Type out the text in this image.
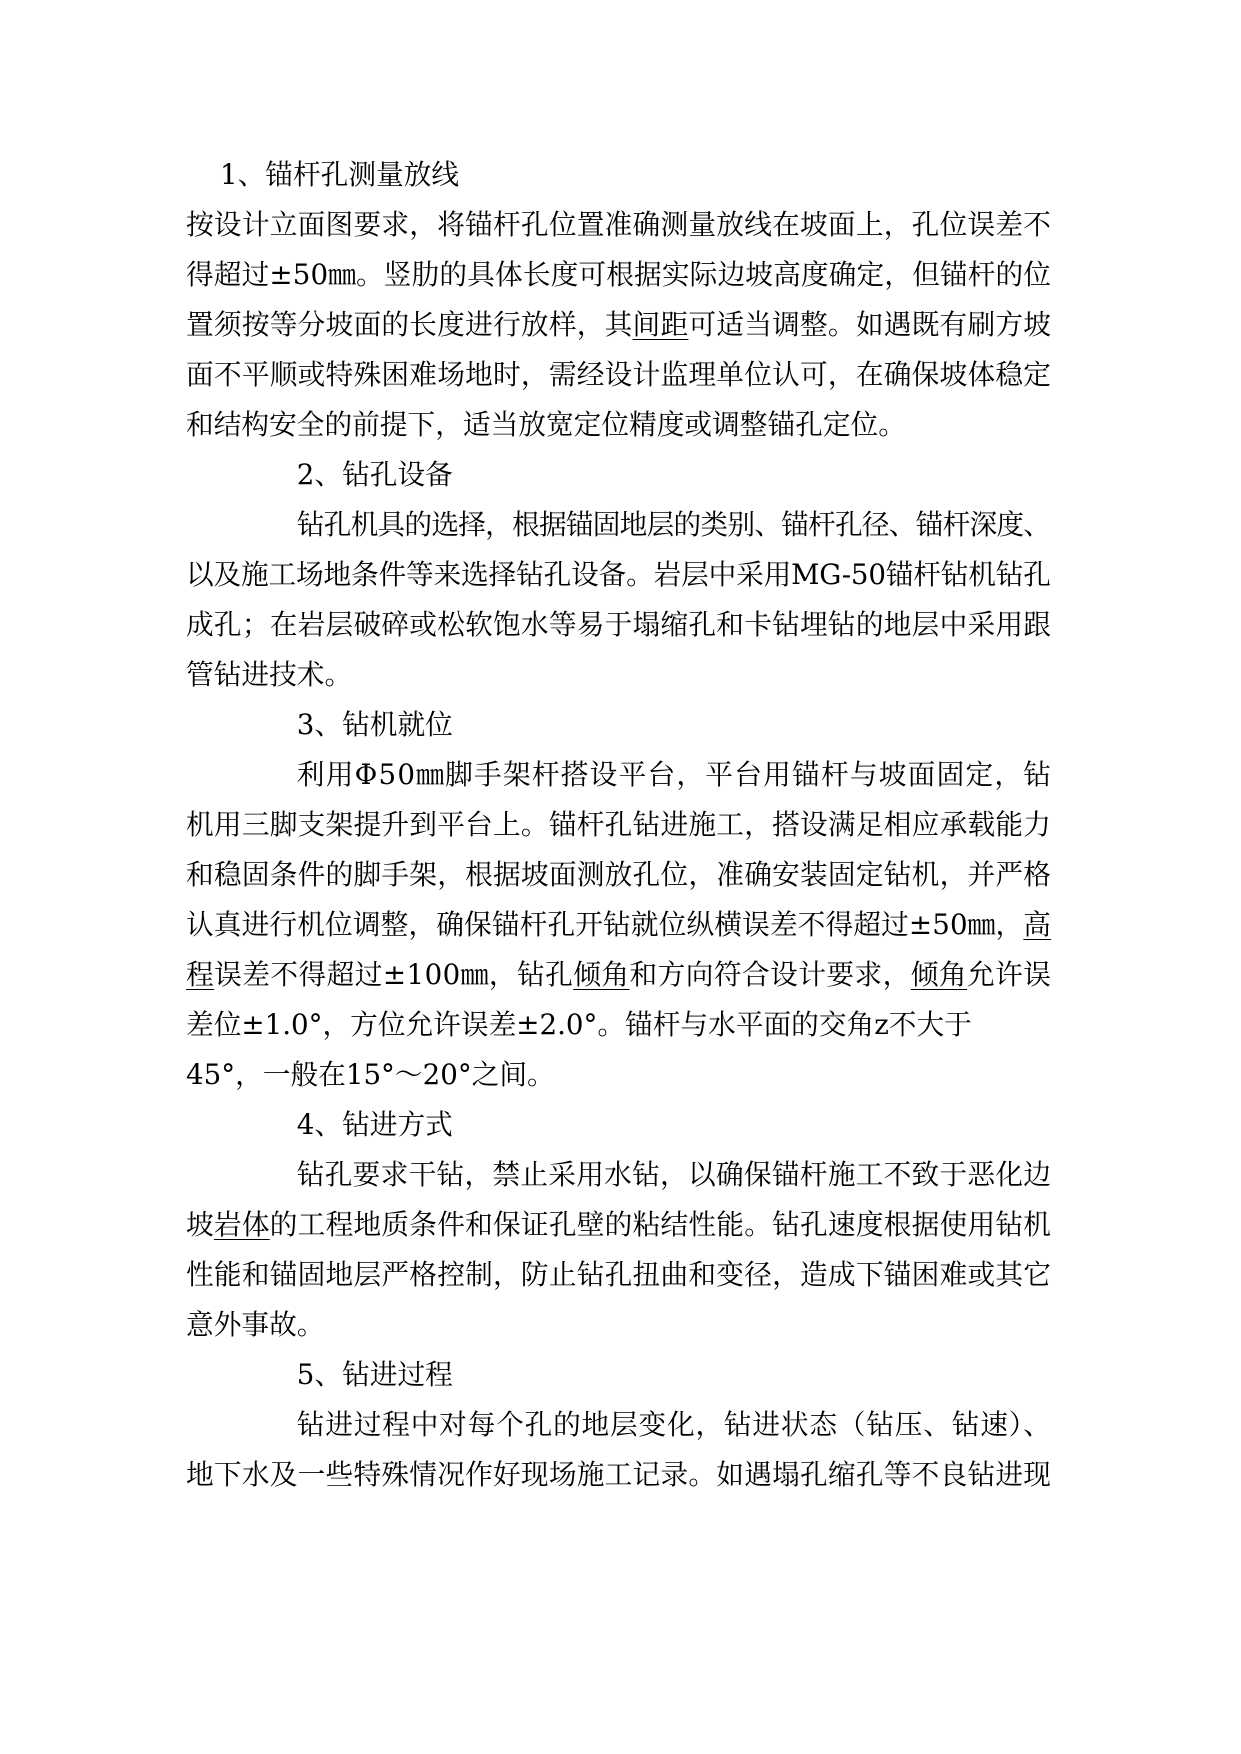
1、锚杆孔测量放线
按设计立面图要求，将锚杆孔位置准确测量放线在坡面上，孔位误差不
得超过±50㎜。竖肋的具体长度可根据实际边坡高度确定，但锚杆的位
置须按等分坡面的长度进行放样，其间距可适当调整。如遇既有刷方坡
面不平顺或特殊困难场地时，需经设计监理单位认可，在确保坡体稳定
和结构安全的前提下，适当放宽定位精度或调整锚孔定位。
2、钻孔设备
钻孔机具的选择，根据锚固地层的类别、锚杆孔径、锚杆深度、
以及施工场地条件等来选择钻孔设备。岩层中采用MG-50锚杆钻机钻孔
成孔；在岩层破碎或松软饱水等易于塌缩孔和卡钻埋钻的地层中采用跟
管钻进技术。
3、钻机就位
利用Φ50㎜脚手架杆搭设平台，平台用锚杆与坡面固定，钻
机用三脚支架提升到平台上。锚杆孔钻进施工，搭设满足相应承载能力
和稳固条件的脚手架，根据坡面测放孔位，准确安装固定钻机，并严格
认真进行机位调整，确保锚杆孔开钻就位纵横误差不得超过±50㎜，高
程误差不得超过±100㎜，钻孔倾角和方向符合设计要求，倾角允许误
差位±1.0°，方位允许误差±2.0°。锚杆与水平面的交角z不大于
45°，一般在15°～20°之间。
4、钻进方式
钻孔要求干钻，禁止采用水钻，以确保锚杆施工不致于恶化边
坡岩体的工程地质条件和保证孔壁的粘结性能。钻孔速度根据使用钻机
性能和锚固地层严格控制，防止钻孔扭曲和变径，造成下锚困难或其它
意外事故。
5、钻进过程
钻进过程中对每个孔的地层变化，钻进状态（钻压、钻速）、
地下水及一些特殊情况作好现场施工记录。如遇塌孔缩孔等不良钻进现
